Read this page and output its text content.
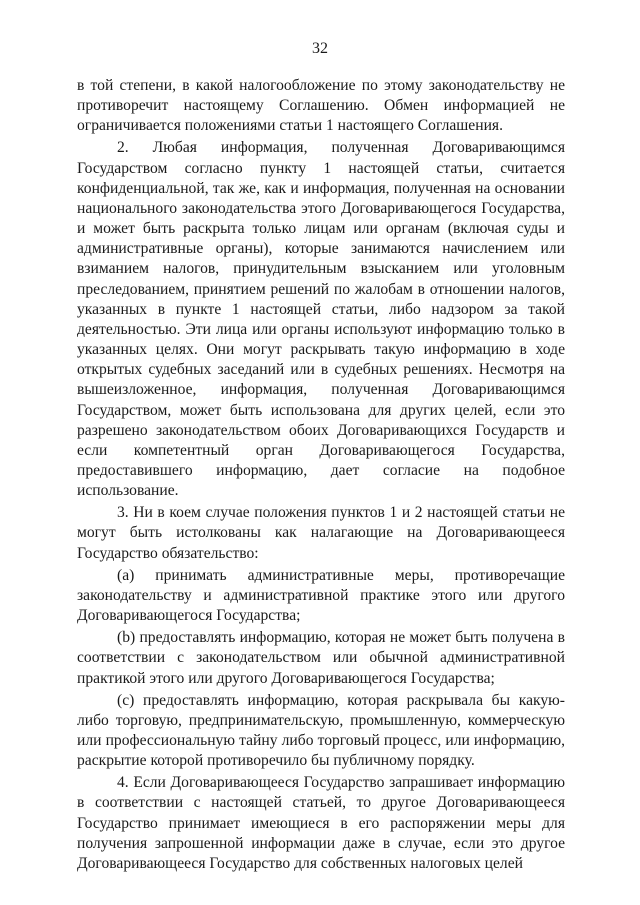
32

в той степени, в какой налогообложение по этому законодательству не противоречит настоящему Соглашению. Обмен информацией не ограничивается положениями статьи 1 настоящего Соглашения.

2. Любая информация, полученная Договаривающимся Государством согласно пункту 1 настоящей статьи, считается конфиденциальной, так же, как и информация, полученная на основании национального законодательства этого Договаривающегося Государства, и может быть раскрыта только лицам или органам (включая суды и административные органы), которые занимаются начислением или взиманием налогов, принудительным взысканием или уголовным преследованием, принятием решений по жалобам в отношении налогов, указанных в пункте 1 настоящей статьи, либо надзором за такой деятельностью. Эти лица или органы используют информацию только в указанных целях. Они могут раскрывать такую информацию в ходе открытых судебных заседаний или в судебных решениях. Несмотря на вышеизложенное, информация, полученная Договаривающимся Государством, может быть использована для других целей, если это разрешено законодательством обоих Договаривающихся Государств и если компетентный орган Договаривающегося Государства, предоставившего информацию, дает согласие на подобное использование.

3. Ни в коем случае положения пунктов 1 и 2 настоящей статьи не могут быть истолкованы как налагающие на Договаривающееся Государство обязательство:

(a) принимать административные меры, противоречащие законодательству и административной практике этого или другого Договаривающегося Государства;

(b) предоставлять информацию, которая не может быть получена в соответствии с законодательством или обычной административной практикой этого или другого Договаривающегося Государства;

(c) предоставлять информацию, которая раскрывала бы какую-либо торговую, предпринимательскую, промышленную, коммерческую или профессиональную тайну либо торговый процесс, или информацию, раскрытие которой противоречило бы публичному порядку.

4. Если Договаривающееся Государство запрашивает информацию в соответствии с настоящей статьей, то другое Договаривающееся Государство принимает имеющиеся в его распоряжении меры для получения запрошенной информации даже в случае, если это другое Договаривающееся Государство для собственных налоговых целей
